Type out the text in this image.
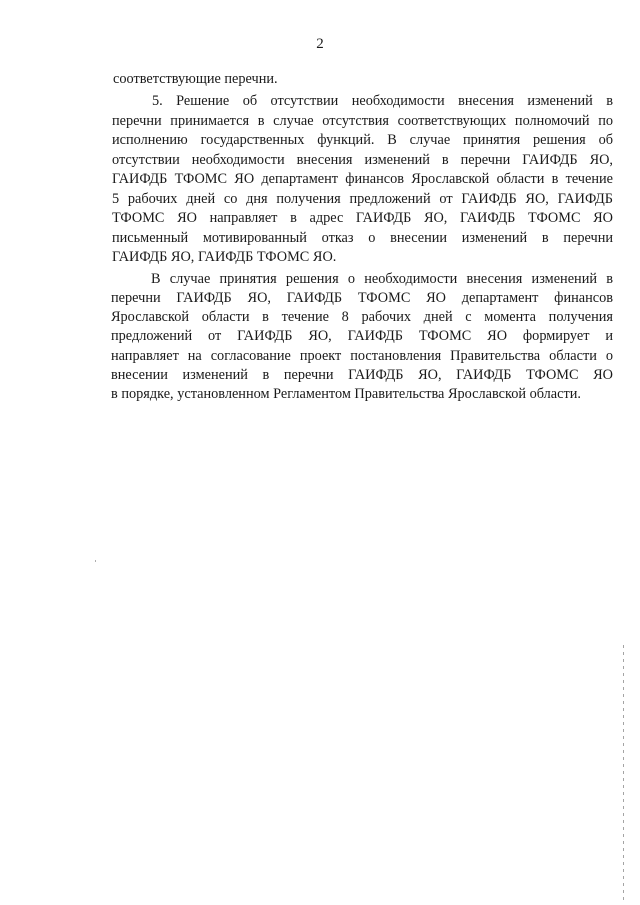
2
соответствующие перечни.
5. Решение об отсутствии необходимости внесения изменений в
перечни принимается в случае отсутствия соответствующих полномочий по
исполнению государственных функций. В случае принятия решения об
отсутствии необходимости внесения изменений в перечни ГАИФДБ ЯО,
ГАИФДБ ТФОМС ЯО департамент финансов Ярославской области в течение
5 рабочих дней со дня получения предложений от ГАИФДБ ЯО, ГАИФДБ
ТФОМС ЯО направляет в адрес ГАИФДБ ЯО, ГАИФДБ ТФОМС ЯО
письменный мотивированный отказ о внесении изменений в перечни
ГАИФДБ ЯО, ГАИФДБ ТФОМС ЯО.
В случае принятия решения о необходимости внесения изменений в
перечни ГАИФДБ ЯО, ГАИФДБ ТФОМС ЯО департамент финансов
Ярославской области в течение 8 рабочих дней с момента получения
предложений от ГАИФДБ ЯО, ГАИФДБ ТФОМС ЯО формирует и
направляет на согласование проект постановления Правительства области о
внесении изменений в перечни ГАИФДБ ЯО, ГАИФДБ ТФОМС ЯО
в порядке, установленном Регламентом Правительства Ярославской области.
